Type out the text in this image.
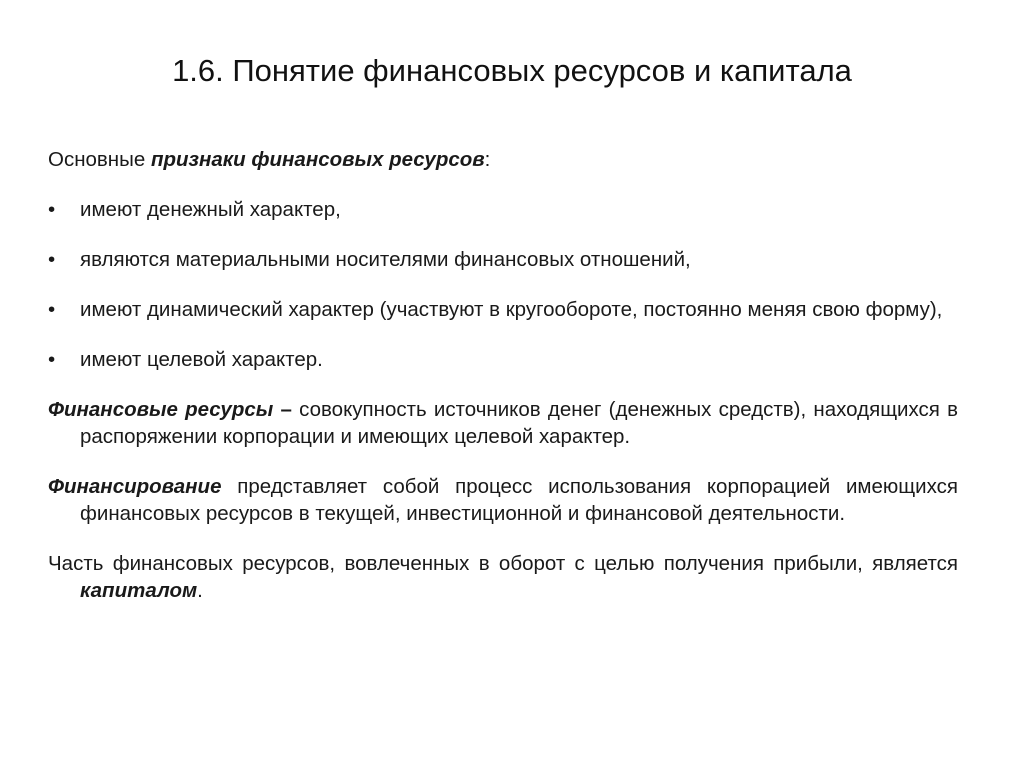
1.6. Понятие финансовых ресурсов и капитала

Основные признаки финансовых ресурсов:

• имеют денежный характер,
• являются материальными носителями финансовых отношений,
• имеют динамический характер (участвуют в кругообороте, постоянно меняя свою форму),
• имеют целевой характер.

Финансовые ресурсы – совокупность источников денег (денежных средств), находящихся в распоряжении корпорации и имеющих целевой характер.

Финансирование представляет собой процесс использования корпорацией имеющихся финансовых ресурсов в текущей, инвестиционной и финансовой деятельности.

Часть финансовых ресурсов, вовлеченных в оборот с целью получения прибыли, является капиталом.
